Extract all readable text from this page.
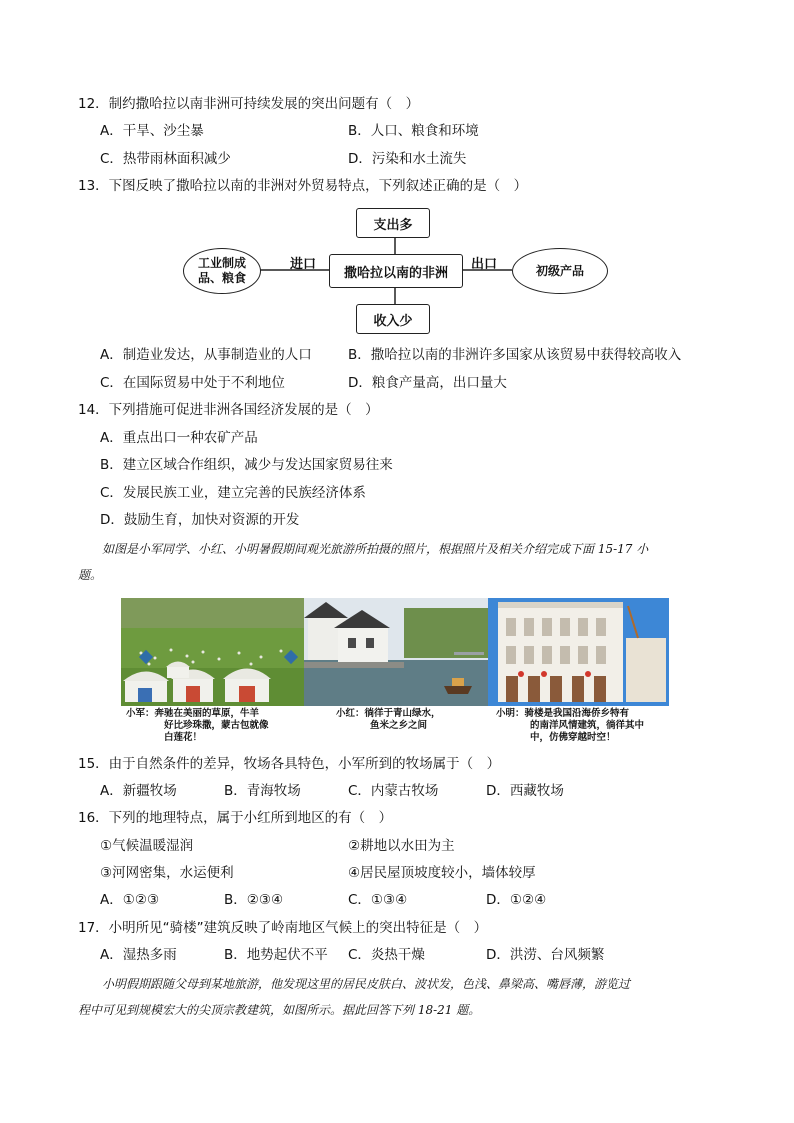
12．制约撒哈拉以南非洲可持续发展的突出问题有（　）
A．干旱、沙尘暴	B．人口、粮食和环境
C．热带雨林面积减少	D．污染和水土流失
13．下图反映了撒哈拉以南的非洲对外贸易特点，下列叙述正确的是（　）
支出多
撒哈拉以南的非洲
收入少
工业制成
品、粮食
初级产品
进口	出口
A．制造业发达，从事制造业的人口	B．撒哈拉以南的非洲许多国家从该贸易中获得较高收入
C．在国际贸易中处于不利地位	D．粮食产量高，出口量大
14．下列措施可促进非洲各国经济发展的是（　）
A．重点出口一种农矿产品
B．建立区域合作组织，减少与发达国家贸易往来
C．发展民族工业，建立完善的民族经济体系
D．鼓励生育，加快对资源的开发
如图是小军同学、小红、小明暑假期间观光旅游所拍摄的照片，根据照片及相关介绍完成下面 15-17 小
题。
小军：奔驰在美丽的草原，牛羊
好比珍珠撒，蒙古包就像
白莲花！
小红：徜徉于青山绿水，
鱼米之乡之间
小明：骑楼是我国沿海侨乡特有
的南洋风情建筑，徜徉其中
中，仿佛穿越时空！
15．由于自然条件的差异，牧场各具特色，小军所到的牧场属于（　）
A．新疆牧场	B．青海牧场	C．内蒙古牧场	D．西藏牧场
16．下列的地理特点，属于小红所到地区的有（　）
①气候温暖湿润	②耕地以水田为主
③河网密集，水运便利	④居民屋顶坡度较小，墙体较厚
A．①②③	B．②③④	C．①③④	D．①②④
17．小明所见“骑楼”建筑反映了岭南地区气候上的突出特征是（　）
A．湿热多雨	B．地势起伏不平 C．炎热干燥	D．洪涝、台风频繁
小明假期跟随父母到某地旅游，他发现这里的居民皮肤白、波状发，色浅、鼻梁高、嘴唇薄，游览过
程中可见到规模宏大的尖顶宗教建筑，如图所示。据此回答下列 18-21 题。
